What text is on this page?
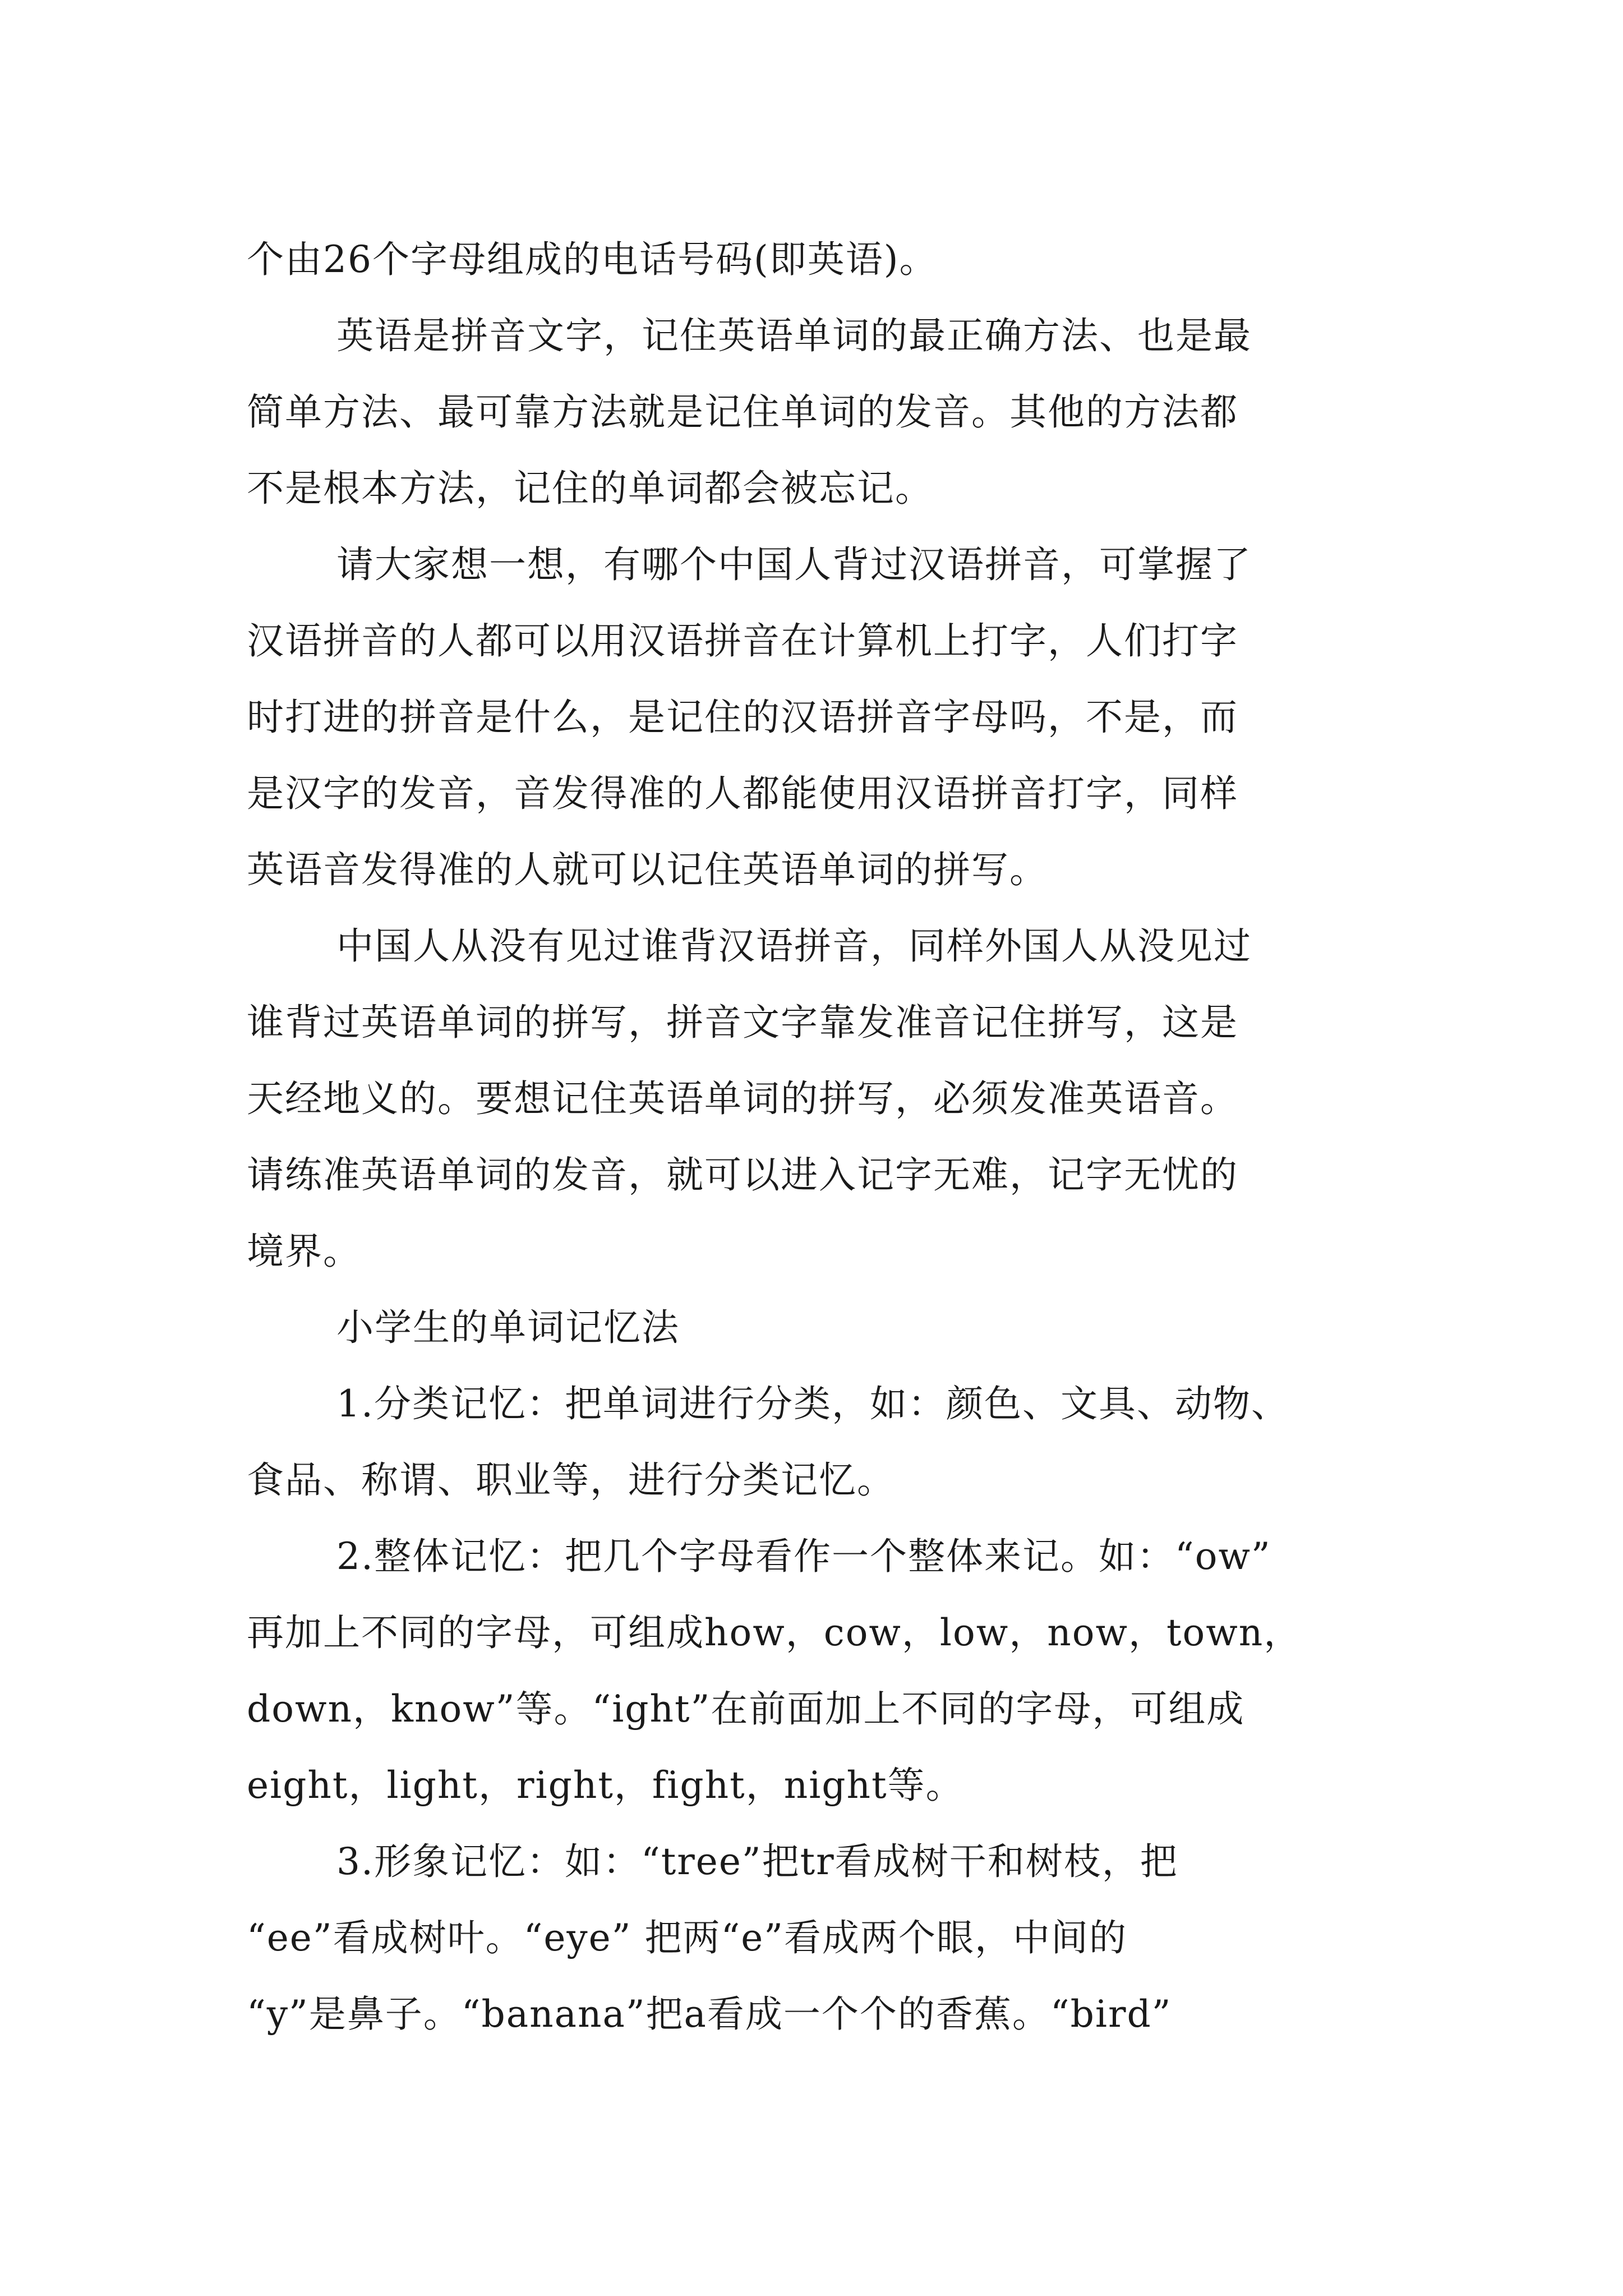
个由26个字母组成的电话号码(即英语)。
英语是拼音文字，记住英语单词的最正确方法、也是最
简单方法、最可靠方法就是记住单词的发音。其他的方法都
不是根本方法，记住的单词都会被忘记。
请大家想一想，有哪个中国人背过汉语拼音，可掌握了
汉语拼音的人都可以用汉语拼音在计算机上打字，人们打字
时打进的拼音是什么，是记住的汉语拼音字母吗，不是，而
是汉字的发音，音发得准的人都能使用汉语拼音打字，同样
英语音发得准的人就可以记住英语单词的拼写。
中国人从没有见过谁背汉语拼音，同样外国人从没见过
谁背过英语单词的拼写，拼音文字靠发准音记住拼写，这是
天经地义的。要想记住英语单词的拼写，必须发准英语音。
请练准英语单词的发音，就可以进入记字无难，记字无忧的
境界。
小学生的单词记忆法
1.分类记忆：把单词进行分类，如：颜色、文具、动物、
食品、称谓、职业等，进行分类记忆。
2.整体记忆：把几个字母看作一个整体来记。如：“ow”
再加上不同的字母，可组成how，cow，low，now，town，
down，know”等。“ight”在前面加上不同的字母，可组成
eight，light，right，fight，night等。
3.形象记忆：如：“tree”把tr看成树干和树枝，把
“ee”看成树叶。“eye” 把两“e”看成两个眼，中间的
“y”是鼻子。“banana”把a看成一个个的香蕉。“bird”
